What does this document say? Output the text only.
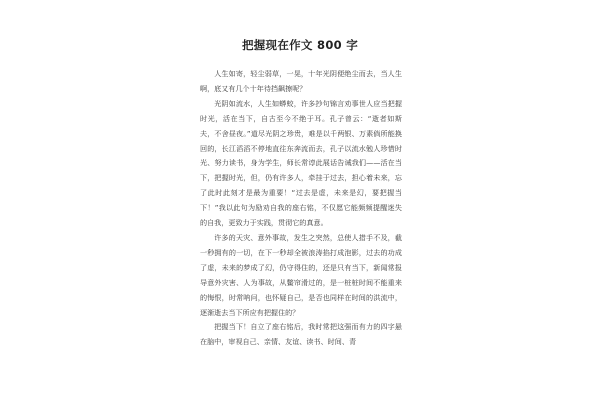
把握现在作文 800 字

人生如寄，轻尘弱草，一晃，十年光阴便绝尘而去，当人生啊，底又有几个十年待挡飙擦呢？

光阴如流水，人生如蟒蛟，许多抄句锦言劝事世人应当把握时光，活在当下，自古至今不绝于耳。孔子曾云：“逝者如斯夫，不舍昼夜。”道尽光阴之珍贵，难是以千两银、万素倘所能换回的，长江滔滔不停地直往东奔流而去，孔子以流水勉人珍惜时光、努力读书，身为学生，师长常谆此展话告诫我们——活在当下，把握时光，但，仍有许多人，牵挂于过去，担心着未来，忘了此时此刻才是最为重要！“过去是虚，未来是幻，要把握当下！”我以此句为励劝自我的座右铭，不仅愿它能频频提醒迷失的自我，更致力于实践，贯彻它的真意。

许多的天灾、意外事故，发生之突然，总使人措手不及，截一秒拥有的一切，在下一秒却全被浪涛掐打成泡影，过去的功成了虚，未来的梦成了幻，仍守得住的，还是只有当下，新闻常报导意外灾害、人为事故，从鳖帘滑过的，是一桩桩时间不能重来的悔恨，时常呐问，也怀疑自己，是否也同样在时间的洪流中，逐渐逝去当下所应有把握住的？

把握当下！自立了座右铭后，我时常把这强而有力的四字悬在脑中，审视自己、亲情、友谊、读书、时间、青
